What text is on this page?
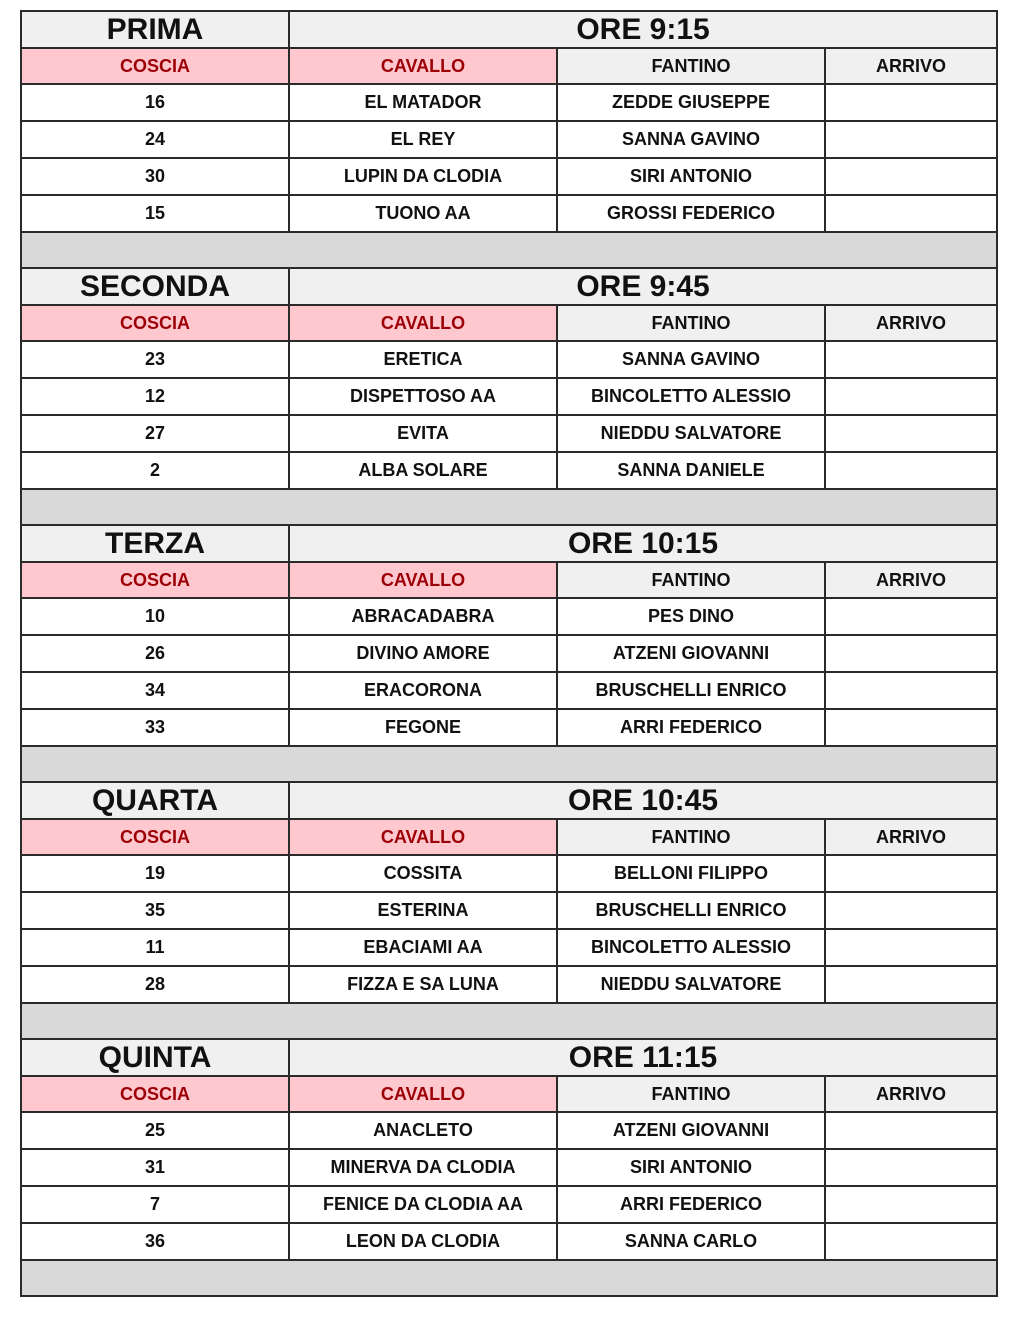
PRIMA	ORE 9:15		
COSCIA	CAVALLO	FANTINO	ARRIVO
16	EL MATADOR	ZEDDE GIUSEPPE	
24	EL REY	SANNA GAVINO	
30	LUPIN DA CLODIA	SIRI ANTONIO	
15	TUONO AA	GROSSI FEDERICO	

SECONDA	ORE 9:45		
COSCIA	CAVALLO	FANTINO	ARRIVO
23	ERETICA	SANNA GAVINO	
12	DISPETTOSO AA	BINCOLETTO ALESSIO	
27	EVITA	NIEDDU SALVATORE	
2	ALBA SOLARE	SANNA DANIELE	

TERZA	ORE 10:15		
COSCIA	CAVALLO	FANTINO	ARRIVO
10	ABRACADABRA	PES DINO	
26	DIVINO AMORE	ATZENI GIOVANNI	
34	ERACORONA	BRUSCHELLI ENRICO	
33	FEGONE	ARRI FEDERICO	

QUARTA	ORE 10:45		
COSCIA	CAVALLO	FANTINO	ARRIVO
19	COSSITA	BELLONI FILIPPO	
35	ESTERINA	BRUSCHELLI ENRICO	
11	EBACIAMI AA	BINCOLETTO ALESSIO	
28	FIZZA E SA LUNA	NIEDDU SALVATORE	

QUINTA	ORE 11:15		
COSCIA	CAVALLO	FANTINO	ARRIVO
25	ANACLETO	ATZENI GIOVANNI	
31	MINERVA DA CLODIA	SIRI ANTONIO	
7	FENICE DA CLODIA AA	ARRI FEDERICO	
36	LEON DA CLODIA	SANNA CARLO	
